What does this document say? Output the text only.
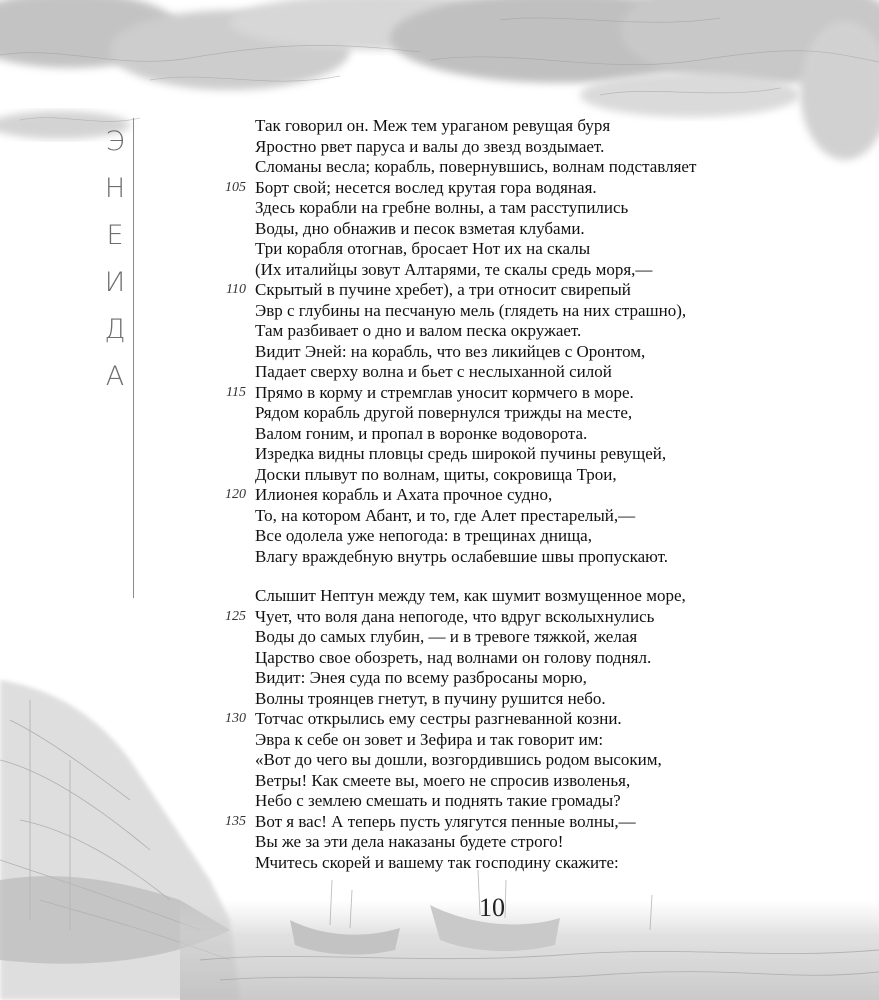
Э
Н
Е
И
Д
А
Так говорил он. Меж тем ураганом ревущая буря
Яростно рвет паруса и валы до звезд воздымает.
Сломаны весла; корабль, повернувшись, волнам подставляет
105 Борт свой; несется вослед крутая гора водяная.
Здесь корабли на гребне волны, а там расступились
Воды, дно обнажив и песок взметая клубами.
Три корабля отогнав, бросает Нот их на скалы
(Их италийцы зовут Алтарями, те скалы средь моря,—
110 Скрытый в пучине хребет), а три относит свирепый
Эвр с глубины на песчаную мель (глядеть на них страшно),
Там разбивает о дно и валом песка окружает.
Видит Эней: на корабль, что вез ликийцев с Оронтом,
Падает сверху волна и бьет с неслыханной силой
115 Прямо в корму и стремглав уносит кормчего в море.
Рядом корабль другой повернулся трижды на месте,
Валом гоним, и пропал в воронке водоворота.
Изредка видны пловцы средь широкой пучины ревущей,
Доски плывут по волнам, щиты, сокровища Трои,
120 Илионея корабль и Ахата прочное судно,
То, на котором Абант, и то, где Алет престарелый,—
Все одолела уже непогода: в трещинах днища,
Влагу враждебную внутрь ослабевшие швы пропускают.
Слышит Нептун между тем, как шумит возмущенное море,
125 Чует, что воля дана непогоде, что вдруг всколыхнулись
Воды до самых глубин, — и в тревоге тяжкой, желая
Царство свое обозреть, над волнами он голову поднял.
Видит: Энея суда по всему разбросаны морю,
Волны троянцев гнетут, в пучину рушится небо.
130 Тотчас открылись ему сестры разгневанной козни.
Эвра к себе он зовет и Зефира и так говорит им:
«Вот до чего вы дошли, возгордившись родом высоким,
Ветры! Как смеете вы, моего не спросив изволенья,
Небо с землею смешать и поднять такие громады?
135 Вот я вас! А теперь пусть улягутся пенные волны,—
Вы же за эти дела наказаны будете строго!
Мчитесь скорей и вашему так господину скажите:
10
